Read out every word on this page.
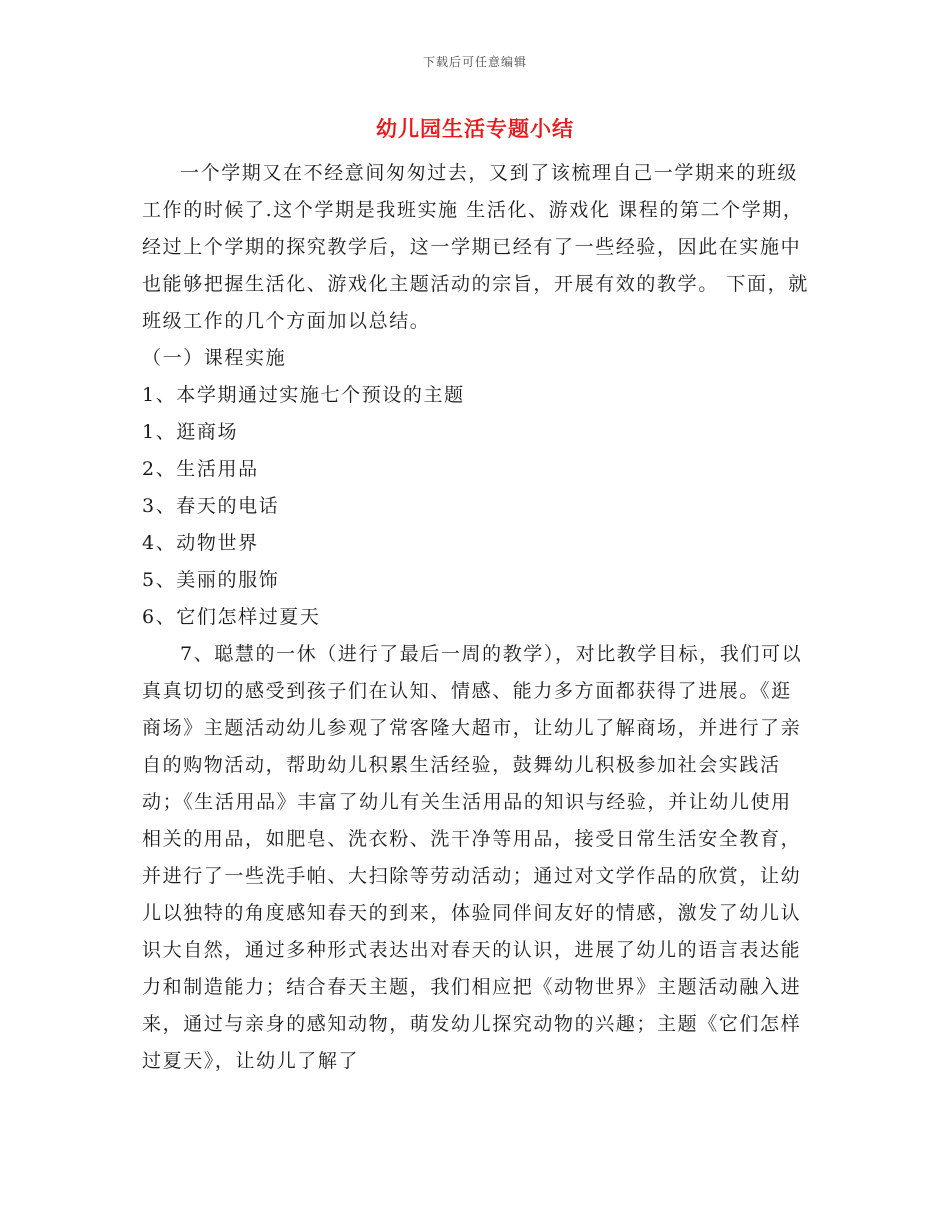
下载后可任意编辑
幼儿园生活专题小结

一个学期又在不经意间匆匆过去，又到了该梳理自己一学期来的班级工作的时候了.这个学期是我班实施 生活化、游戏化 课程的第二个学期，经过上个学期的探究教学后，这一学期已经有了一些经验，因此在实施中也能够把握生活化、游戏化主题活动的宗旨，开展有效的教学。 下面，就班级工作的几个方面加以总结。

（一）课程实施

1、本学期通过实施七个预设的主题

1、逛商场

2、生活用品

3、春天的电话

4、动物世界

5、美丽的服饰

6、它们怎样过夏天

7、聪慧的一休（进行了最后一周的教学），对比教学目标，我们可以真真切切的感受到孩子们在认知、情感、能力多方面都获得了进展。《逛商场》主题活动幼儿参观了常客隆大超市，让幼儿了解商场，并进行了亲自的购物活动，帮助幼儿积累生活经验，鼓舞幼儿积极参加社会实践活动；《生活用品》丰富了幼儿有关生活用品的知识与经验，并让幼儿使用相关的用品，如肥皂、洗衣粉、洗干净等用品，接受日常生活安全教育，并进行了一些洗手帕、大扫除等劳动活动；通过对文学作品的欣赏，让幼儿以独特的角度感知春天的到来，体验同伴间友好的情感，激发了幼儿认识大自然，通过多种形式表达出对春天的认识，进展了幼儿的语言表达能力和制造能力；结合春天主题，我们相应把《动物世界》主题活动融入进来，通过与亲身的感知动物，萌发幼儿探究动物的兴趣；主题《它们怎样过夏天》，让幼儿了解了
